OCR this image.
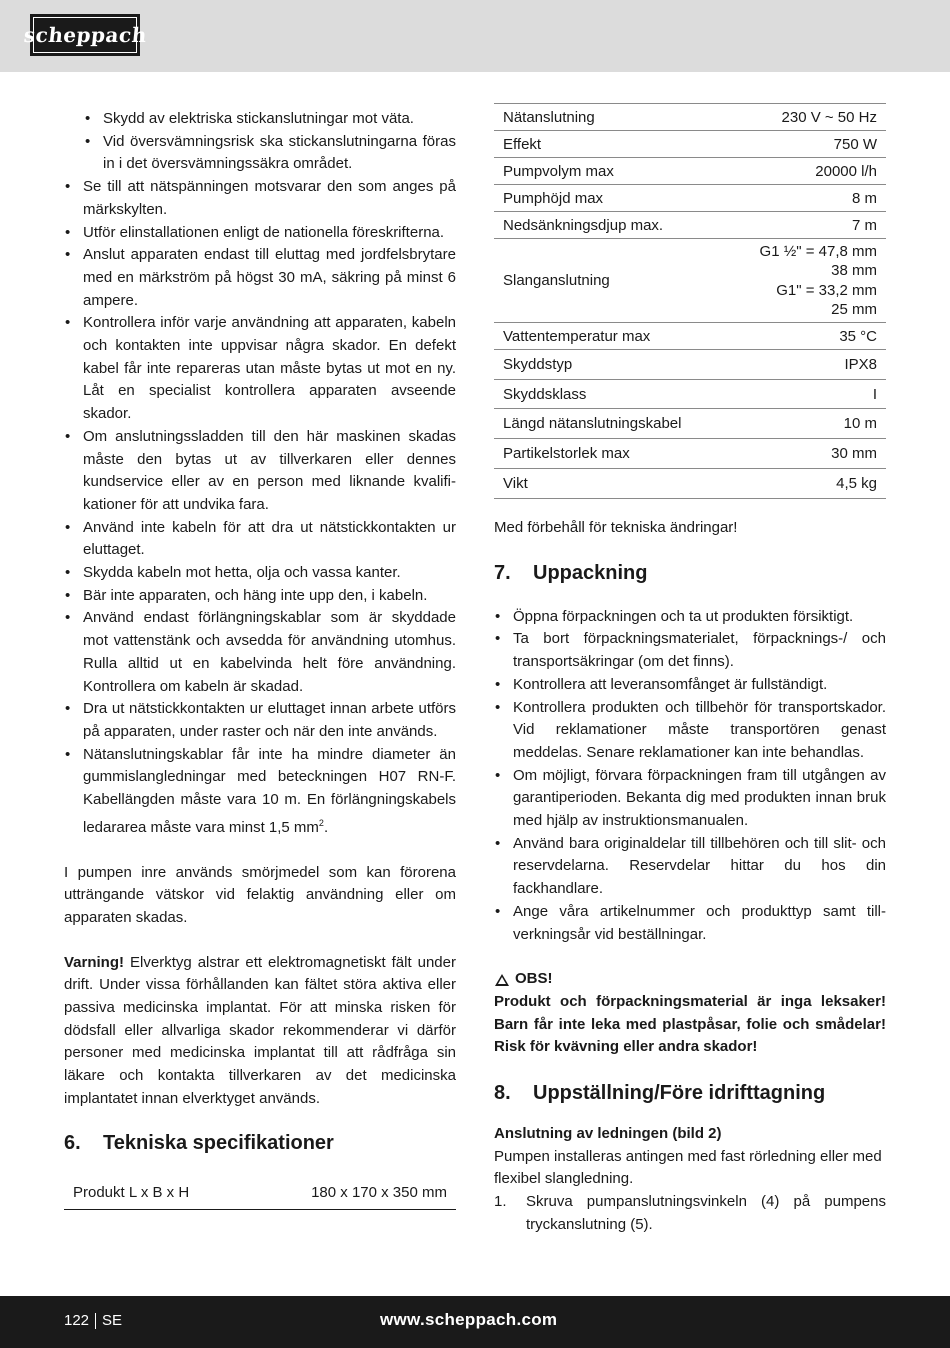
scheppach
• Skydd av elektriska stickanslutningar mot väta.
• Vid översvämningsrisk ska stickanslutningarna föras in i det översvämningssäkra området.
• Se till att nätspänningen motsvarar den som anges på märkskylten.
• Utför elinstallationen enligt de nationella föreskrifterna.
• Anslut apparaten endast till eluttag med jordfelsbrytare med en märkström på högst 30 mA, säkring på minst 6 ampere.
• Kontrollera inför varje användning att apparaten, kabeln och kontakten inte uppvisar några skador. En defekt kabel får inte repareras utan måste bytas ut mot en ny. Låt en specialist kontrollera apparaten avseende skador.
• Om anslutningssladden till den här maskinen skadas måste den bytas ut av tillverkaren eller dennes kundservice eller av en person med liknande kvalifikationer för att undvika fara.
• Använd inte kabeln för att dra ut nätstickkontakten ur eluttaget.
• Skydda kabeln mot hetta, olja och vassa kanter.
• Bär inte apparaten, och häng inte upp den, i kabeln.
• Använd endast förlängningskablar som är skyddade mot vattenstänk och avsedda för användning utomhus. Rulla alltid ut en kabelvinda helt före användning. Kontrollera om kabeln är skadad.
• Dra ut nätstickkontakten ur eluttaget innan arbete utförs på apparaten, under raster och när den inte används.
• Nätanslutningskablar får inte ha mindre diameter än gummislangledningar med beteckningen H07 RN-F. Kabellängden måste vara 10 m. En förlängningskabels ledararea måste vara minst 1,5 $mm^2$.

I pumpen inre används smörjmedel som kan förorena utträngande vätskor vid felaktig användning eller om apparaten skadas.

Varning! Elverktyg alstrar ett elektromagnetiskt fält under drift. Under vissa förhållanden kan fältet störa aktiva eller passiva medicinska implantat. För att minska risken för dödsfall eller allvarliga skador rekommenderar vi därför personer med medicinska implantat till att rådfråga sin läkare och kontakta tillverkaren av det medicinska implantatet innan elverktyget används.

6.	Tekniska specifikationer
Produkt L x B x H	180 x 170 x 350 mm
Nätanslutning	230 V ~ 50 Hz
Effekt	750 W
Pumpvolym max	20000 l/h
Pumphöjd max	8 m
Nedsänkningsdjup max.	7 m
Slanganslutning	G1 ½" = 47,8 mm
38 mm
G1" = 33,2 mm
25 mm

Vattentemperatur max	35 °C
Skyddstyp	IPX8
Skyddsklass	I
Längd nätanslutningskabel	10 m
Partikelstorlek max	30 mm
Vikt	4,5 kg

Med förbehåll för tekniska ändringar!

7.	Uppackning
• Öppna förpackningen och ta ut produkten försiktigt.
• Ta bort förpackningsmaterialet, förpacknings-/ och transportsäkringar (om det finns).
• Kontrollera att leveransomfånget är fullständigt.
• Kontrollera produkten och tillbehör för transportskador. Vid reklamationer måste transportören genast meddelas. Senare reklamationer kan inte behandlas.
• Om möjligt, förvara förpackningen fram till utgången av garantiperioden. Bekanta dig med produkten innan bruk med hjälp av instruktionsmanualen.
• Använd bara originaldelar till tillbehören och till slit- och reservdelarna. Reservdelar hittar du hos din fackhandlare.
• Ange våra artikelnummer och produkttyp samt tillverkningsår vid beställningar.
OBS!

Produkt och förpackningsmaterial är inga leksaker! Barn får inte leka med plastpåsar, folie och smådelar! Risk för kvävning eller andra skador!

8.	Uppställning/Före idrifttagning

Anslutning av ledningen (bild 2)

Pumpen installeras antingen med fast rörledning eller med flexibel slangledning.

1.	Skruva pumpanslutningsvinkeln (4) på pumpens tryckanslutning (5).
122 SE	www.scheppach.com
